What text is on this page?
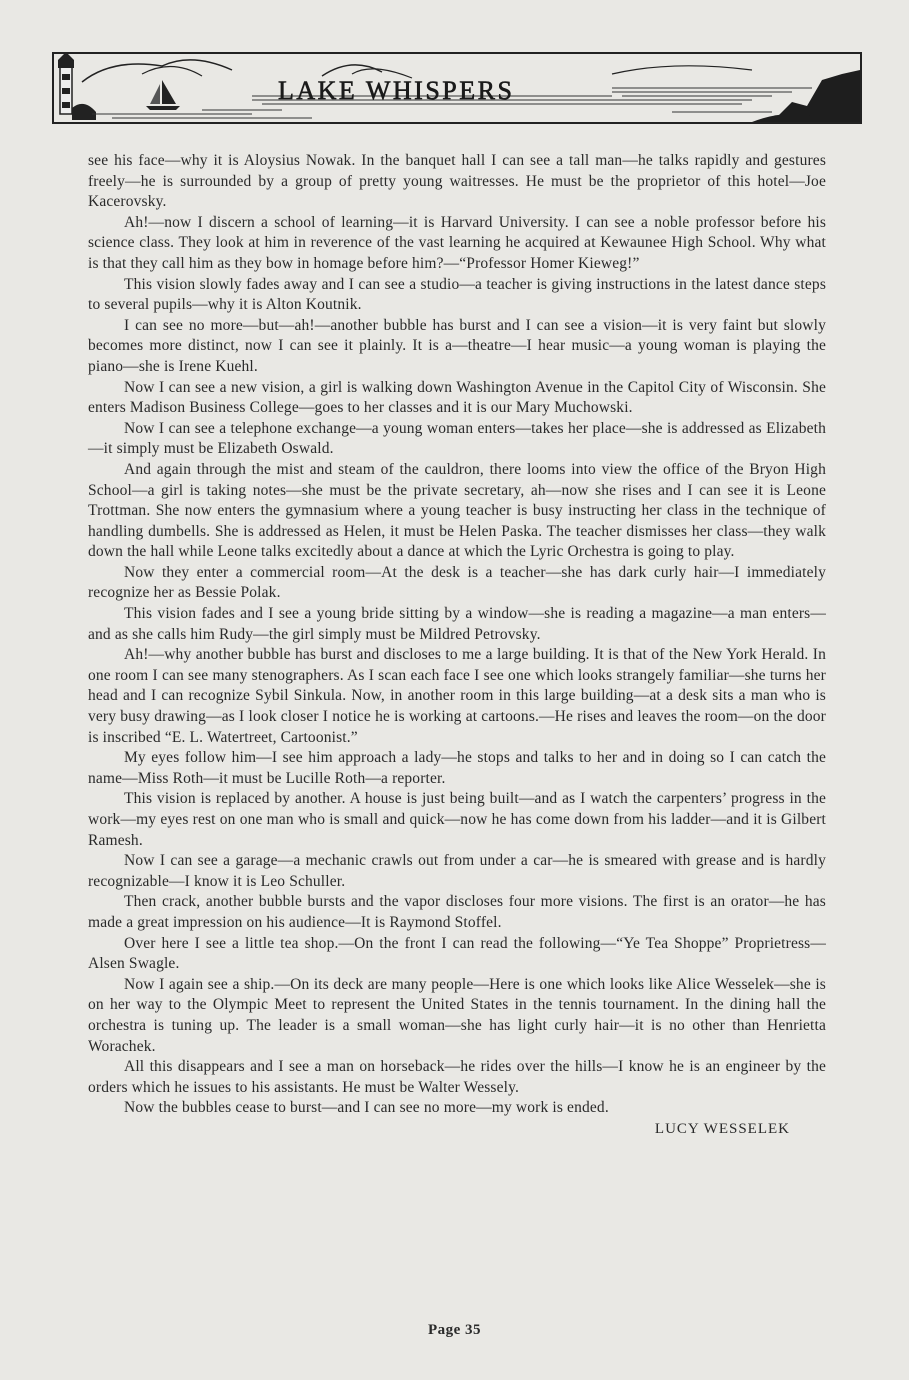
LAKE WHISPERS

see his face—why it is Aloysius Nowak. In the banquet hall I can see a tall man—he talks rapidly and gestures freely—he is surrounded by a group of pretty young waitresses. He must be the proprietor of this hotel—Joe Kacerovsky.

Ah!—now I discern a school of learning—it is Harvard University. I can see a noble professor before his science class. They look at him in reverence of the vast learning he acquired at Kewaunee High School. Why what is that they call him as they bow in homage before him?—“Professor Homer Kieweg!”

This vision slowly fades away and I can see a studio—a teacher is giving instructions in the latest dance steps to several pupils—why it is Alton Koutnik.

I can see no more—but—ah!—another bubble has burst and I can see a vision—it is very faint but slowly becomes more distinct, now I can see it plainly. It is a—theatre—I hear music—a young woman is playing the piano—she is Irene Kuehl.

Now I can see a new vision, a girl is walking down Washington Avenue in the Capitol City of Wisconsin. She enters Madison Business College—goes to her classes and it is our Mary Muchowski.

Now I can see a telephone exchange—a young woman enters—takes her place—she is addressed as Elizabeth—it simply must be Elizabeth Oswald.

And again through the mist and steam of the cauldron, there looms into view the office of the Bryon High School—a girl is taking notes—she must be the private secretary, ah—now she rises and I can see it is Leone Trottman. She now enters the gymnasium where a young teacher is busy instructing her class in the technique of handling dumbells. She is addressed as Helen, it must be Helen Paska. The teacher dismisses her class—they walk down the hall while Leone talks excitedly about a dance at which the Lyric Orchestra is going to play.

Now they enter a commercial room—At the desk is a teacher—she has dark curly hair—I immediately recognize her as Bessie Polak.

This vision fades and I see a young bride sitting by a window—she is reading a magazine—a man enters—and as she calls him Rudy—the girl simply must be Mildred Petrovsky.

Ah!—why another bubble has burst and discloses to me a large building. It is that of the New York Herald. In one room I can see many stenographers. As I scan each face I see one which looks strangely familiar—she turns her head and I can recognize Sybil Sinkula. Now, in another room in this large building—at a desk sits a man who is very busy drawing—as I look closer I notice he is working at cartoons.—He rises and leaves the room—on the door is inscribed “E. L. Watertreet, Cartoonist.”

My eyes follow him—I see him approach a lady—he stops and talks to her and in doing so I can catch the name—Miss Roth—it must be Lucille Roth—a reporter.

This vision is replaced by another. A house is just being built—and as I watch the carpenters’ progress in the work—my eyes rest on one man who is small and quick—now he has come down from his ladder—and it is Gilbert Ramesh.

Now I can see a garage—a mechanic crawls out from under a car—he is smeared with grease and is hardly recognizable—I know it is Leo Schuller.

Then crack, another bubble bursts and the vapor discloses four more visions. The first is an orator—he has made a great impression on his audience—It is Raymond Stoffel.

Over here I see a little tea shop.—On the front I can read the following—“Ye Tea Shoppe” Proprietress—Alsen Swagle.

Now I again see a ship.—On its deck are many people—Here is one which looks like Alice Wesselek—she is on her way to the Olympic Meet to represent the United States in the tennis tournament. In the dining hall the orchestra is tuning up. The leader is a small woman—she has light curly hair—it is no other than Henrietta Worachek.

All this disappears and I see a man on horseback—he rides over the hills—I know he is an engineer by the orders which he issues to his assistants. He must be Walter Wessely.

Now the bubbles cease to burst—and I can see no more—my work is ended.

LUCY WESSELEK

Page 35
